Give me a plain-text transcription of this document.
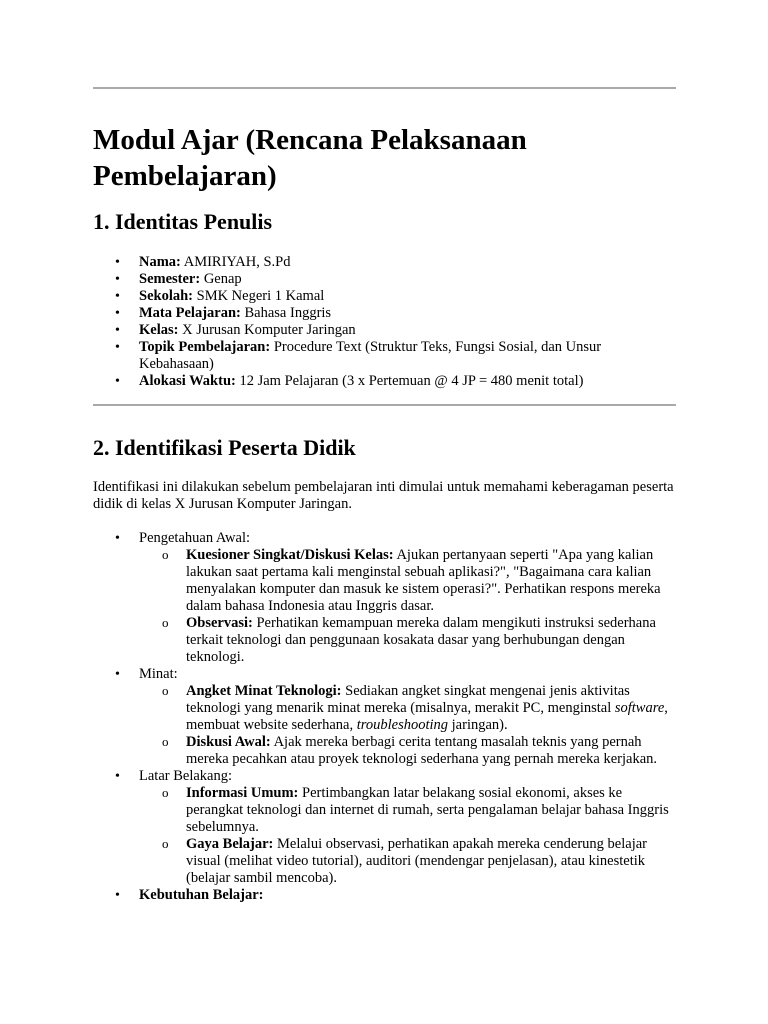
Modul Ajar (Rencana Pelaksanaan Pembelajaran)
1. Identitas Penulis
• Nama: AMIRIYAH, S.Pd
• Semester: Genap
• Sekolah: SMK Negeri 1 Kamal
• Mata Pelajaran: Bahasa Inggris
• Kelas: X Jurusan Komputer Jaringan
• Topik Pembelajaran: Procedure Text (Struktur Teks, Fungsi Sosial, dan Unsur Kebahasaan)
• Alokasi Waktu: 12 Jam Pelajaran (3 x Pertemuan @ 4 JP = 480 menit total)
2. Identifikasi Peserta Didik

Identifikasi ini dilakukan sebelum pembelajaran inti dimulai untuk memahami keberagaman peserta didik di kelas X Jurusan Komputer Jaringan.

• Pengetahuan Awal:
o Kuesioner Singkat/Diskusi Kelas: Ajukan pertanyaan seperti "Apa yang kalian lakukan saat pertama kali menginstal sebuah aplikasi?", "Bagaimana cara kalian menyalakan komputer dan masuk ke sistem operasi?". Perhatikan respons mereka dalam bahasa Indonesia atau Inggris dasar.
o Observasi: Perhatikan kemampuan mereka dalam mengikuti instruksi sederhana terkait teknologi dan penggunaan kosakata dasar yang berhubungan dengan teknologi.
• Minat:
o Angket Minat Teknologi: Sediakan angket singkat mengenai jenis aktivitas teknologi yang menarik minat mereka (misalnya, merakit PC, menginstal software, membuat website sederhana, troubleshooting jaringan).
o Diskusi Awal: Ajak mereka berbagi cerita tentang masalah teknis yang pernah mereka pecahkan atau proyek teknologi sederhana yang pernah mereka kerjakan.
• Latar Belakang:
o Informasi Umum: Pertimbangkan latar belakang sosial ekonomi, akses ke perangkat teknologi dan internet di rumah, serta pengalaman belajar bahasa Inggris sebelumnya.
o Gaya Belajar: Melalui observasi, perhatikan apakah mereka cenderung belajar visual (melihat video tutorial), auditori (mendengar penjelasan), atau kinestetik (belajar sambil mencoba).
• Kebutuhan Belajar:
